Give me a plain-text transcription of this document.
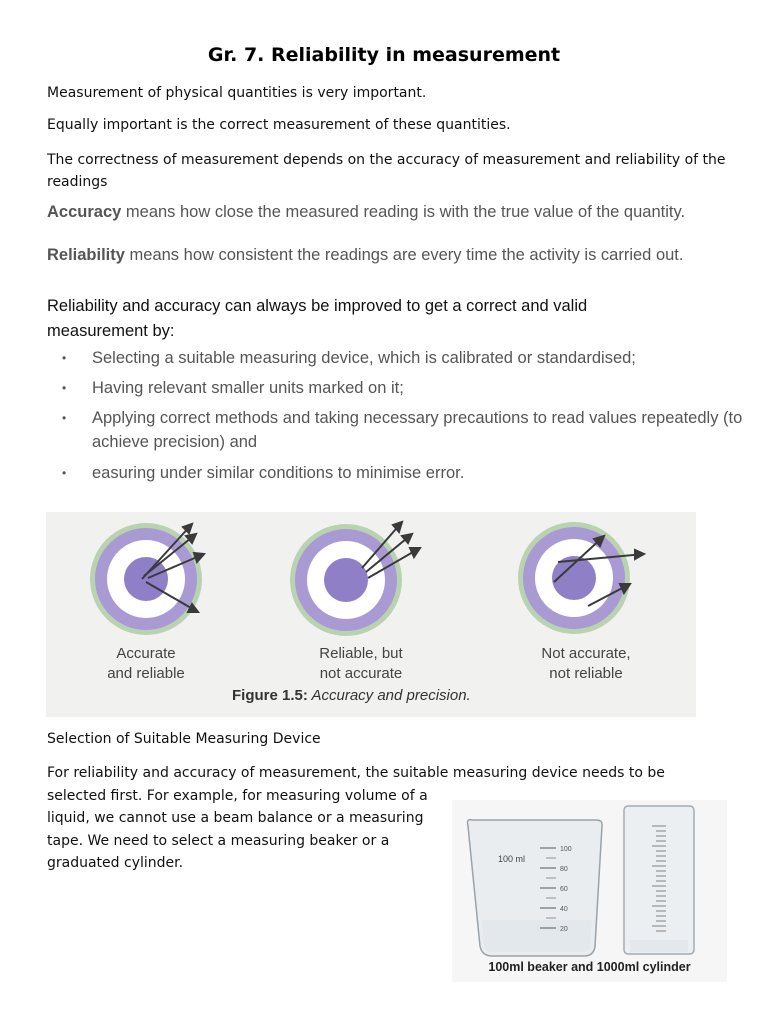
Gr. 7. Reliability in measurement
Measurement of physical quantities is very important.
Equally important is the correct measurement of these quantities.
The correctness of measurement depends on the accuracy of measurement and reliability of the readings
Accuracy means how close the measured reading is with the true value of the quantity.
Reliability means how consistent the readings are every time the activity is carried out.
Reliability and accuracy can always be improved to get a correct and valid measurement by:
• Selecting a suitable measuring device, which is calibrated or standardised;
• Having relevant smaller units marked on it;
• Applying correct methods and taking necessary precautions to read values repeatedly (to achieve precision) and
• easuring under similar conditions to minimise error.
Accurate
and reliable
Reliable, but
not accurate
Not accurate,
not reliable
Figure 1.5: Accuracy and precision.
Selection of Suitable Measuring Device
For reliability and accuracy of measurement, the suitable measuring device needs to be
selected first. For example, for measuring volume of a liquid, we cannot use a beam balance or a measuring tape. We need to select a measuring beaker or a graduated cylinder.
100
80
60
40
20
100 ml
100ml beaker and 1000ml cylinder
